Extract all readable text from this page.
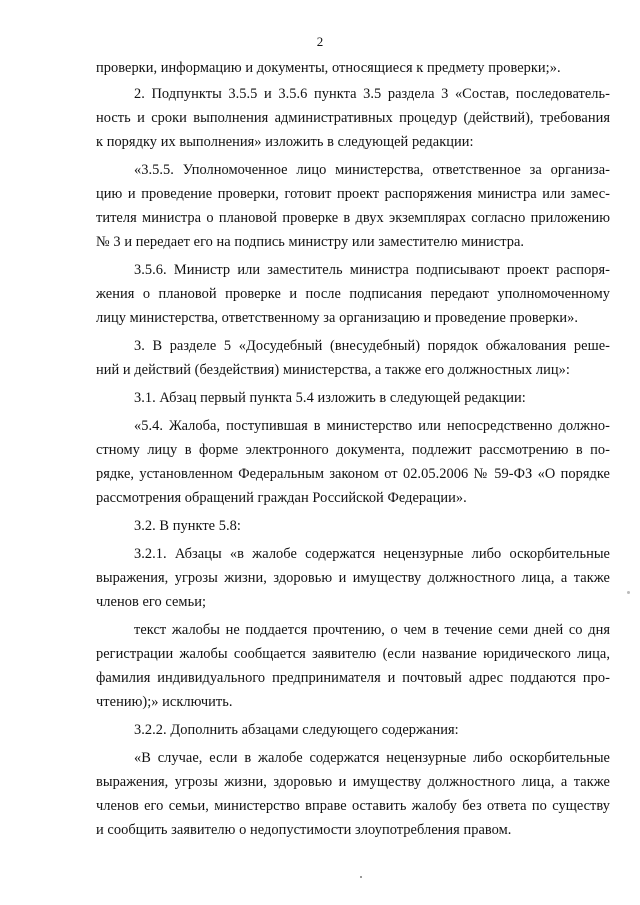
2
проверки, информацию и документы, относящиеся к предмету проверки;».
2. Подпункты 3.5.5 и 3.5.6 пункта 3.5 раздела 3 «Состав, последователь-
ность и сроки выполнения административных процедур (действий), требования
к порядку их выполнения» изложить в следующей редакции:
«3.5.5. Уполномоченное лицо министерства, ответственное за организа-
цию и проведение проверки, готовит проект распоряжения министра или замес-
тителя министра о плановой проверке в двух экземплярах согласно приложению
№ 3 и передает его на подпись министру или заместителю министра.
3.5.6. Министр или заместитель министра подписывают проект распоря-
жения о плановой проверке и после подписания передают уполномоченному
лицу министерства, ответственному за организацию и проведение проверки».
3. В разделе 5 «Досудебный (внесудебный) порядок обжалования реше-
ний и действий (бездействия) министерства, а также его должностных лиц»:
3.1. Абзац первый пункта 5.4 изложить в следующей редакции:
«5.4. Жалоба, поступившая в министерство или непосредственно должно-
стному лицу в форме электронного документа, подлежит рассмотрению в по-
рядке, установленном Федеральным законом от 02.05.2006 № 59-ФЗ «О порядке
рассмотрения обращений граждан Российской Федерации».
3.2. В пункте 5.8:
3.2.1. Абзацы «в жалобе содержатся нецензурные либо оскорбительные
выражения, угрозы жизни, здоровью и имуществу должностного лица, а также
членов его семьи;
текст жалобы не поддается прочтению, о чем в течение семи дней со дня
регистрации жалобы сообщается заявителю (если название юридического лица,
фамилия индивидуального предпринимателя и почтовый адрес поддаются про-
чтению);» исключить.
3.2.2. Дополнить абзацами следующего содержания:
«В случае, если в жалобе содержатся нецензурные либо оскорбительные
выражения, угрозы жизни, здоровью и имуществу должностного лица, а также
членов его семьи, министерство вправе оставить жалобу без ответа по существу
и сообщить заявителю о недопустимости злоупотребления правом.
